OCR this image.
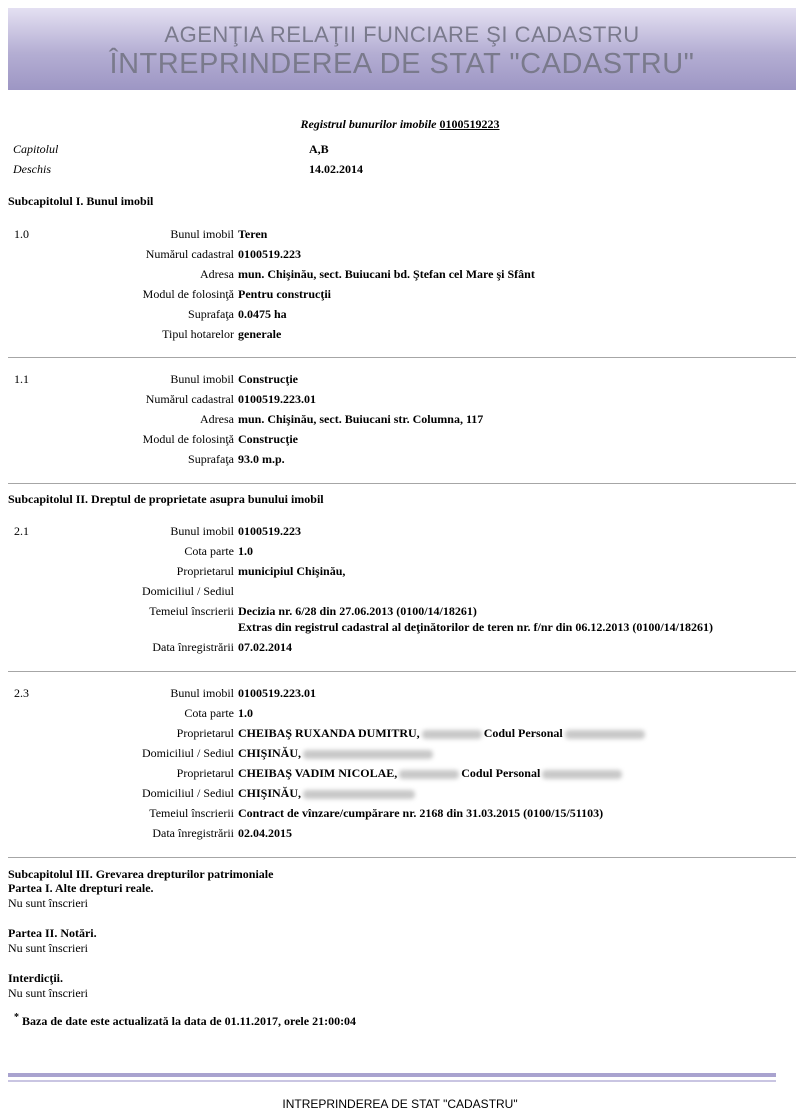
AGENŢIA RELAŢII FUNCIARE ŞI CADASTRU
ÎNTREPRINDEREA DE STAT "CADASTRU"
Registrul bunurilor imobile 0100519223
Capitolul	A,B
Deschis	14.02.2014
Subcapitolul I. Bunul imobil
1.0	Bunul imobil Teren
Numărul cadastral 0100519.223
Adresa mun. Chişinău, sect. Buiucani bd. Ştefan cel Mare şi Sfânt
Modul de folosinţă Pentru construcţii
Suprafaţa 0.0475 ha
Tipul hotarelor generale
1.1	Bunul imobil Construcţie
Numărul cadastral 0100519.223.01
Adresa mun. Chişinău, sect. Buiucani str. Columna, 117
Modul de folosinţă Construcţie
Suprafaţa 93.0 m.p.
Subcapitolul II. Dreptul de proprietate asupra bunului imobil
2.1	Bunul imobil 0100519.223
Cota parte 1.0
Proprietarul municipiul Chişinău,
Domiciliul / Sediul
Temeiul înscrierii Decizia nr. 6/28 din 27.06.2013 (0100/14/18261)
Extras din registrul cadastral al deţinătorilor de teren nr. f/nr din 06.12.2013 (0100/14/18261)
Data înregistrării 07.02.2014
2.3	Bunul imobil 0100519.223.01
Cota parte 1.0
Proprietarul CHEIBAŞ RUXANDA DUMITRU,	Codul Personal
Domiciliul / Sediul CHIŞINĂU,
Proprietarul CHEIBAŞ VADIM NICOLAE,	Codul Personal
Domiciliul / Sediul CHIŞINĂU,
Temeiul înscrierii Contract de vînzare/cumpărare nr. 2168 din 31.03.2015 (0100/15/51103)
Data înregistrării 02.04.2015
Subcapitolul III. Grevarea drepturilor patrimoniale
Partea I. Alte drepturi reale.
Nu sunt înscrieri
Partea II. Notări.
Nu sunt înscrieri
Interdicţii.
Nu sunt înscrieri
* Baza de date este actualizată la data de 01.11.2017, orele 21:00:04
INTREPRINDEREA DE STAT "CADASTRU"
